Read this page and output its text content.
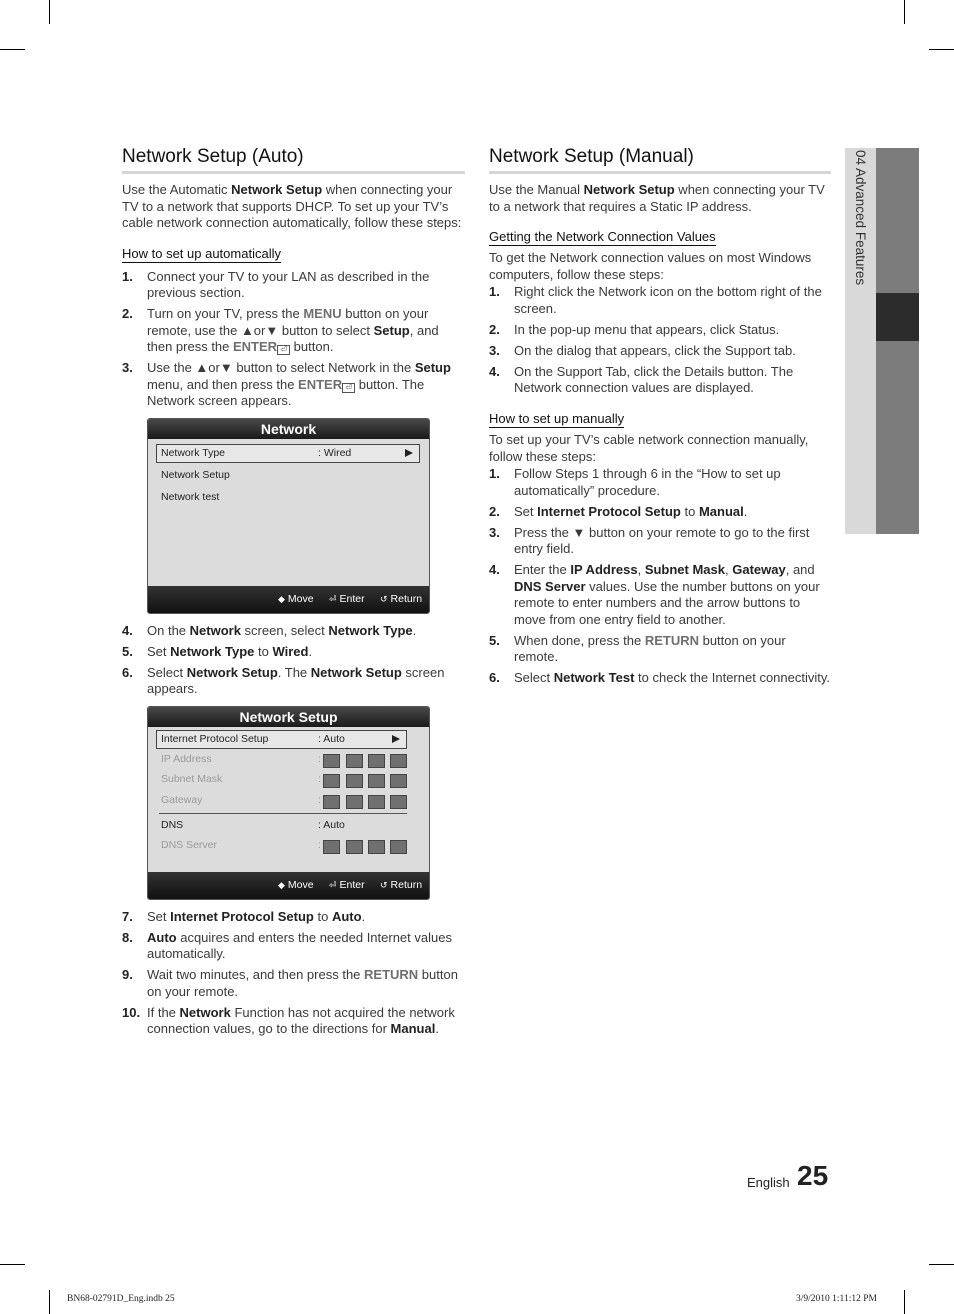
Network Setup (Auto)

Use the Automatic Network Setup when connecting your TV to a network that supports DHCP. To set up your TV’s cable network connection automatically, follow these steps:

How to set up automatically
1. Connect your TV to your LAN as described in the previous section.
2. Turn on your TV, press the MENU button on your remote, use the ▲or▼ button to select Setup, and then press the ENTER ⏎ button.
3. Use the ▲or▼ button to select Network in the Setup menu, and then press the ENTER ⏎ button. The Network screen appears.
Network
Network Type	: Wired
Network Setup
Network test
◆ Move ⏎ Enter ↺ Return
4. On the Network screen, select Network Type.
5. Set Network Type to Wired.
6. Select Network Setup. The Network Setup screen appears.
Network Setup
Internet Protocol Setup	: Auto
IP Address	:
Subnet Mask	:
Gateway	:
DNS	: Auto
DNS Server	:
◆ Move ⏎ Enter ↺ Return
7. Set Internet Protocol Setup to Auto.
8. Auto acquires and enters the needed Internet values automatically.
9. Wait two minutes, and then press the RETURN button on your remote.
10. If the Network Function has not acquired the network connection values, go to the directions for Manual.
Network Setup (Manual)

Use the Manual Network Setup when connecting your TV to a network that requires a Static IP address.

Getting the Network Connection Values

To get the Network connection values on most Windows computers, follow these steps:

1. Right click the Network icon on the bottom right of the screen.
2. In the pop-up menu that appears, click Status.
3. On the dialog that appears, click the Support tab.
4. On the Support Tab, click the Details button. The Network connection values are displayed.
How to set up manually

To set up your TV’s cable network connection manually, follow these steps:

1. Follow Steps 1 through 6 in the “How to set up automatically” procedure.
2. Set Internet Protocol Setup to Manual.
3. Press the ▼ button on your remote to go to the first entry field.
4. Enter the IP Address, Subnet Mask, Gateway, and DNS Server values. Use the number buttons on your remote to enter numbers and the arrow buttons to move from one entry field to another.
5. When done, press the RETURN button on your remote.
6. Select Network Test to check the Internet connectivity.
04 Advanced Features
English 25
BN68-02791D_Eng.indb 25	3/9/2010 1:11:12 PM
